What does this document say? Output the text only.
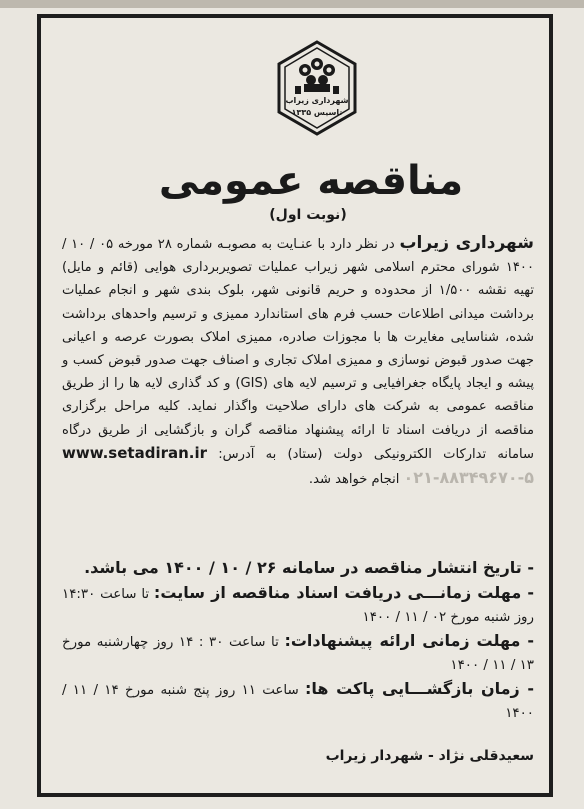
شهرداری زیراب
تاسیس ۱۳۳۵
مناقصه عمومی (نوبت اول)
شهرداری زیراب در نظر دارد با عنـایت به مصوبـه شماره ۲۸ مورخه ۰۵ / ۱۰ / ۱۴۰۰ شورای محترم اسلامی شهر زیراب عملیات تصویربرداری هوایی (قائم و مایل) تهیه نقشه ۱/۵۰۰ از محدوده و حریم قانونی شهر، بلوک بندی شهر و انجام عملیات برداشت میدانی اطلاعات حسب فرم های استاندارد ممیزی و ترسیم واحدهای برداشت شده، شناسایی مغایرت ها با مجوزات صادره، ممیزی املاک بصورت عرصه و اعیانی جهت صدور قبوض نوسازی و ممیزی املاک تجاری و اصناف جهت صدور قبوض کسب و پیشه و ایجاد پایگاه جغرافیایی و ترسیم لایه های (GIS) و کد گذاری لایه ها را از طریق مناقصه عمومی به شرکت های دارای صلاحیت واگذار نماید. کلیه مراحل برگزاری مناقصه از دریافت اسناد تا ارائه پیشنهاد مناقصه گران و بازگشایی از طریق درگاه سامانه تدارکات الکترونیکی دولت (ستاد) به آدرس: www.setadiran.ir ۰۲۱-۸۸۳۴۹۶۷۰-۵ انجام خواهد شد.

- تاریخ انتشار مناقصه در سامانه ۲۶ / ۱۰ / ۱۴۰۰ می باشد.

- مهلت زمانـــی دریافت اسناد مناقصه از سایت: تا ساعت ۱۴:۳۰ روز شنبه مورخ ۰۲ / ۱۱ / ۱۴۰۰

- مهلت زمانی ارائه پیشنهادات: تا ساعت ۳۰ : ۱۴ روز چهارشنبه مورخ ۱۳ / ۱۱ / ۱۴۰۰

- زمان بازگشـــایی پاکت ها: ساعت ۱۱ روز پنج شنبه مورخ ۱۴ / ۱۱ / ۱۴۰۰

سعیدقلی نژاد - شهردار زیراب
